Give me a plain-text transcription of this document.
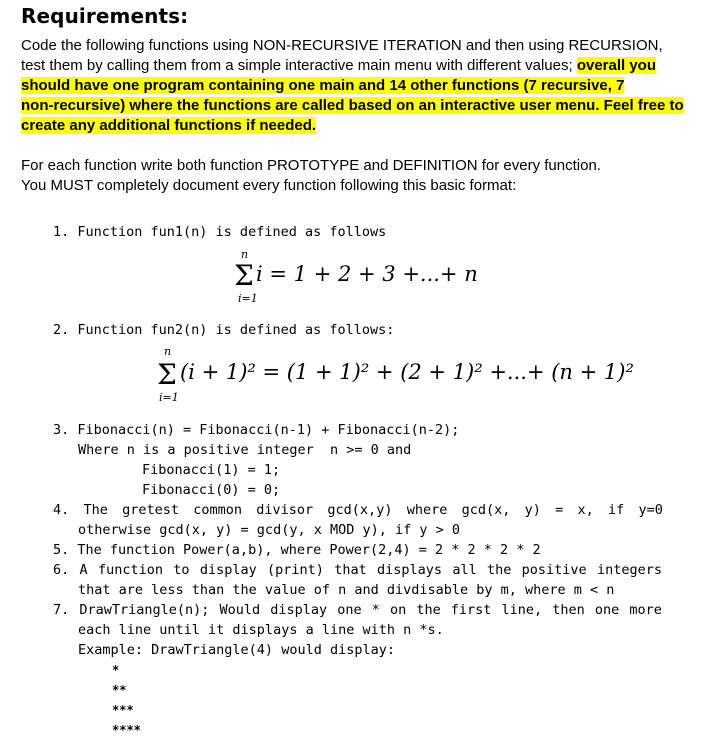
Requirements:
Code the following functions using NON-RECURSIVE ITERATION and then using RECURSION,
test them by calling them from a simple interactive main menu with different values; overall you
should have one program containing one main and 14 other functions (7 recursive, 7
non-recursive) where the functions are called based on an interactive user menu. Feel free to
create any additional functions if needed.
For each function write both function PROTOTYPE and DEFINITION for every function.
You MUST completely document every function following this basic format:
1. Function fun1(n) is defined as follows
n
Σ
i=1
i = 1 + 2 + 3 +...+ n
2. Function fun2(n) is defined as follows:
n
Σ
i=1
(i + 1)² = (1 + 1)² + (2 + 1)² +...+ (n + 1)²
3. Fibonacci(n) = Fibonacci(n-1) + Fibonacci(n-2);
Where n is a positive integer  n >= 0 and
Fibonacci(1) = 1;
Fibonacci(0) = 0;
4. The gretest common divisor gcd(x,y) where gcd(x, y) = x, if y=0
otherwise gcd(x, y) = gcd(y, x MOD y), if y > 0
5. The function Power(a,b), where Power(2,4) = 2 * 2 * 2 * 2
6. A function to display (print) that displays all the positive integers
that are less than the value of n and divdisable by m, where m < n
7. DrawTriangle(n); Would display one * on the first line, then one more
each line until it displays a line with n *s.
Example: DrawTriangle(4) would display:
*
**
***
****
